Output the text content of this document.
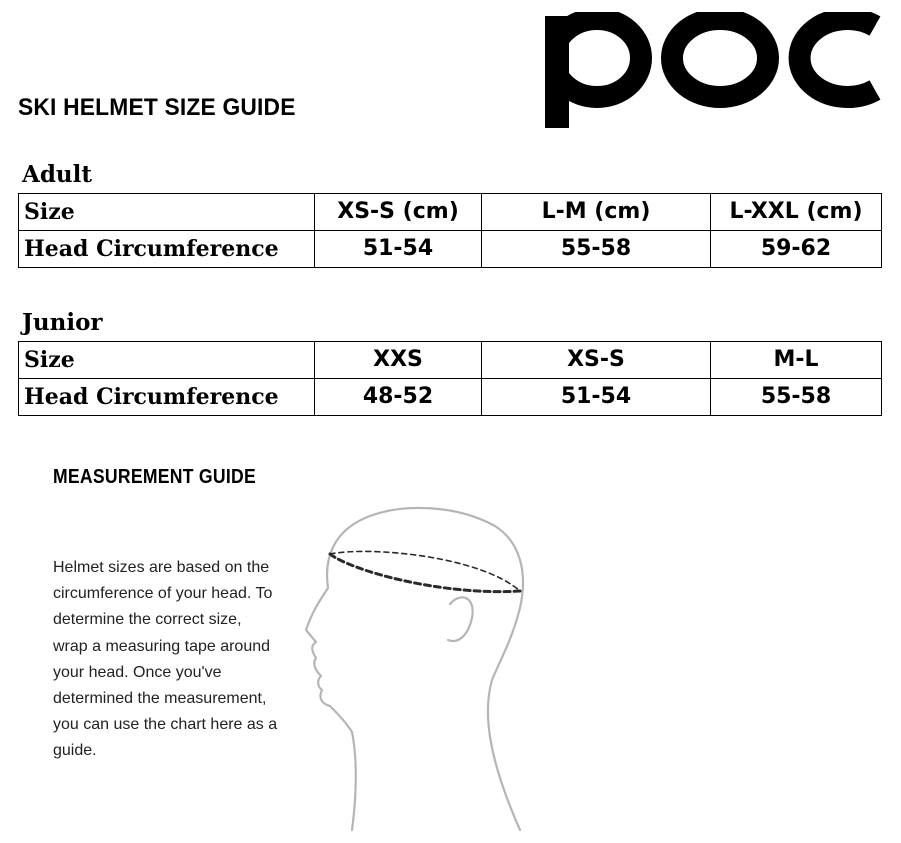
SKI HELMET SIZE GUIDE
Adult
Size	XS-S (cm)	L-M (cm)	L-XXL (cm)
Head Circumference	51-54	55-58	59-62
Junior
Size	XXS	XS-S	M-L
Head Circumference	48-52	51-54	55-58
MEASUREMENT GUIDE

Helmet sizes are based on the circumference of your head. To determine the correct size, wrap a measuring tape around your head. Once you've determined the measurement, you can use the chart here as a guide.
